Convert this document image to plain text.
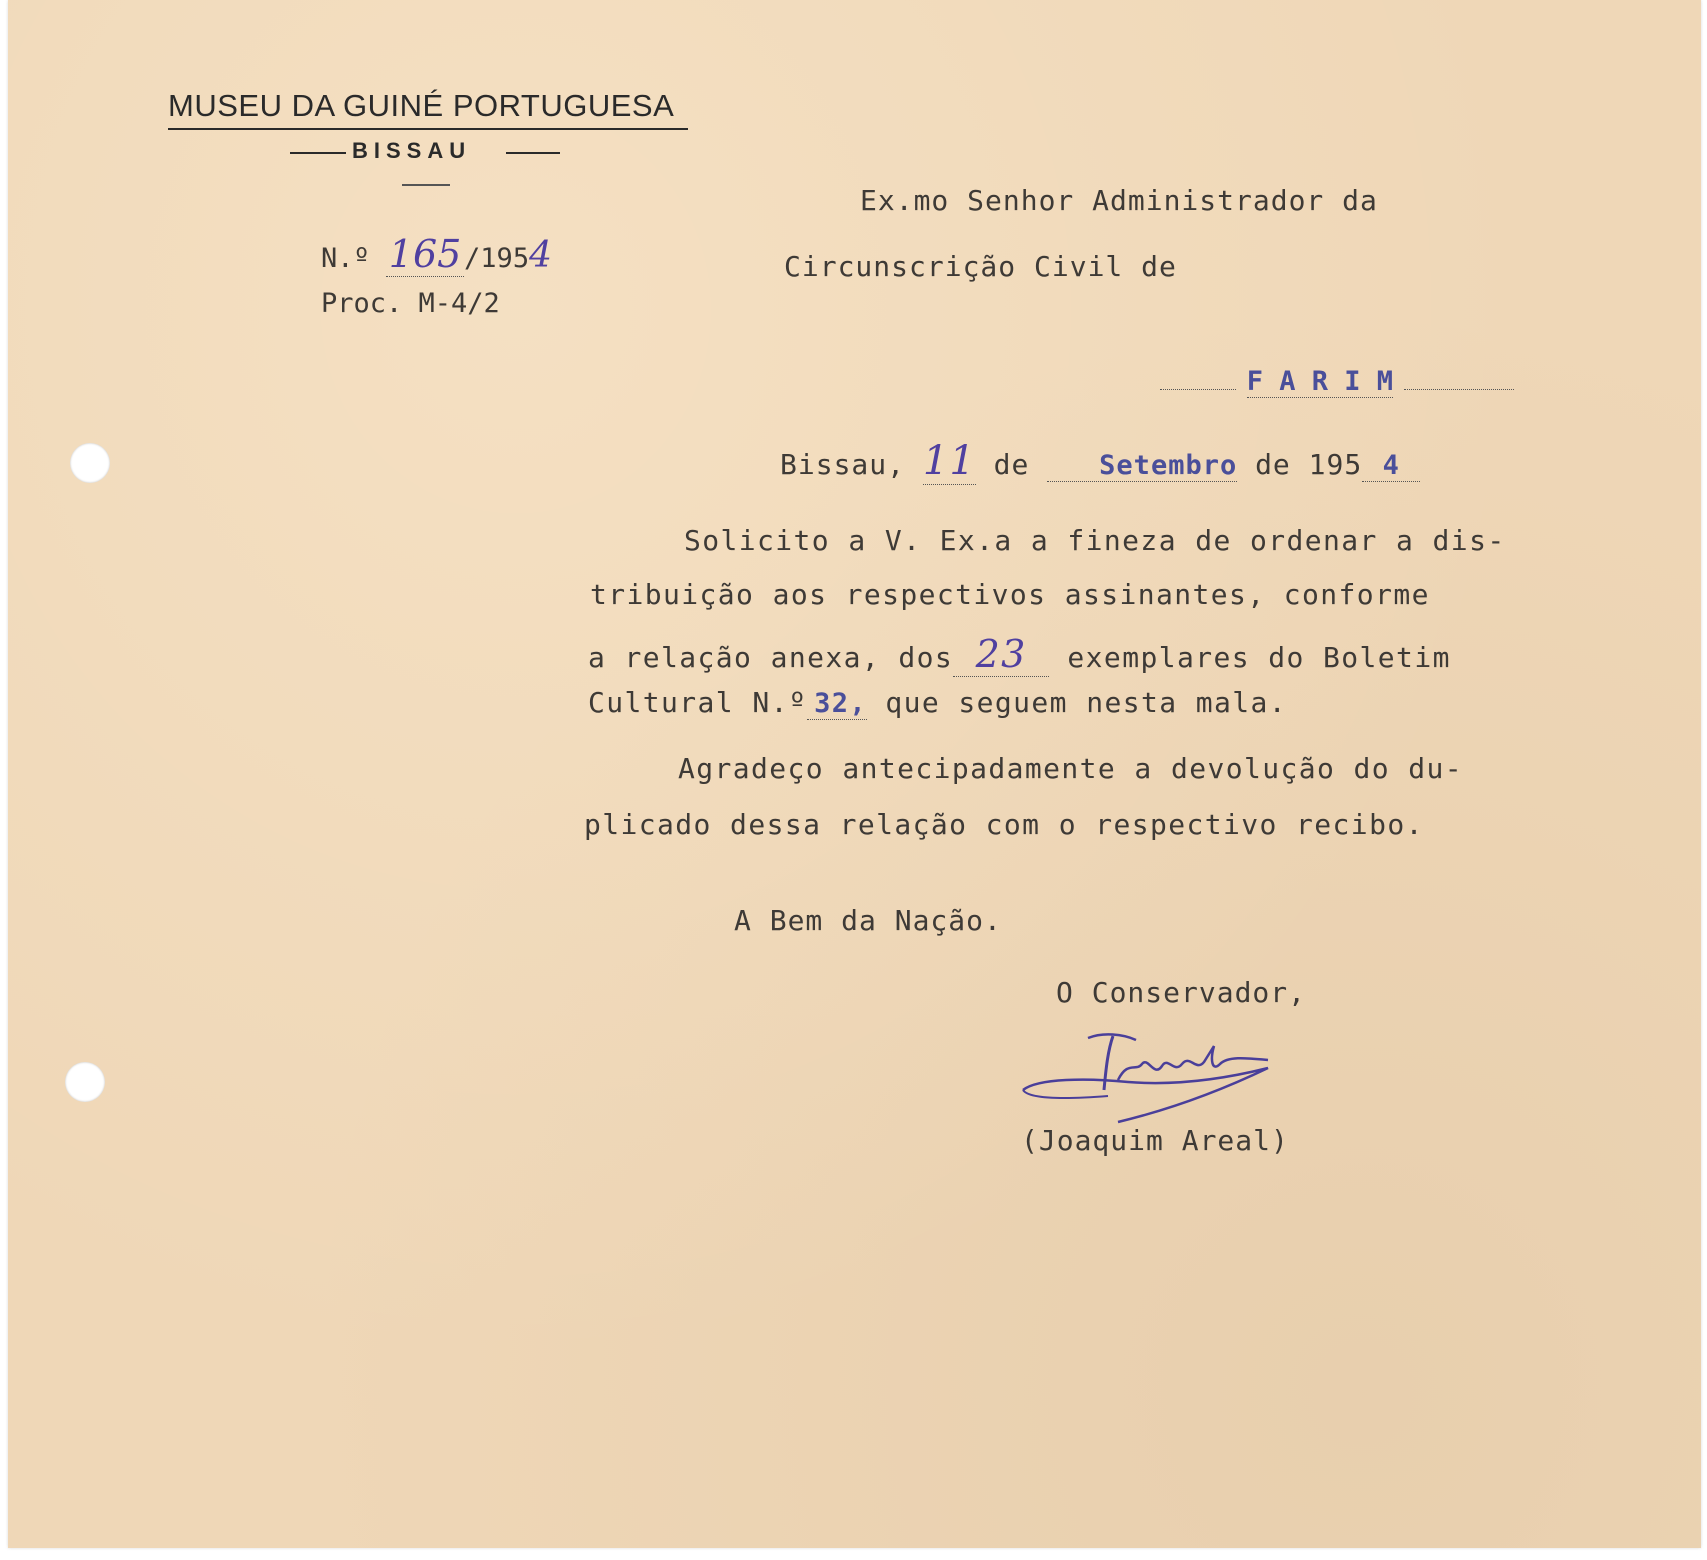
MUSEU DA GUINÉ PORTUGUESA
BISSAU
N.º 165 /1954
Proc. M-4/2
Ex.mo Senhor Administrador da
Circunscrição Civil de
F A R I M
Bissau, 11 de	Setembro de 195 4
Solicito a V. Ex.a a fineza de ordenar a dis-
tribuição aos respectivos assinantes, conforme
a relação anexa, dos 23 exemplares do Boletim
Cultural N.º 32, que seguem nesta mala.
Agradeço antecipadamente a devolução do du-
plicado dessa relação com o respectivo recibo.
A Bem da Nação.
O Conservador,
(Joaquim Areal)
